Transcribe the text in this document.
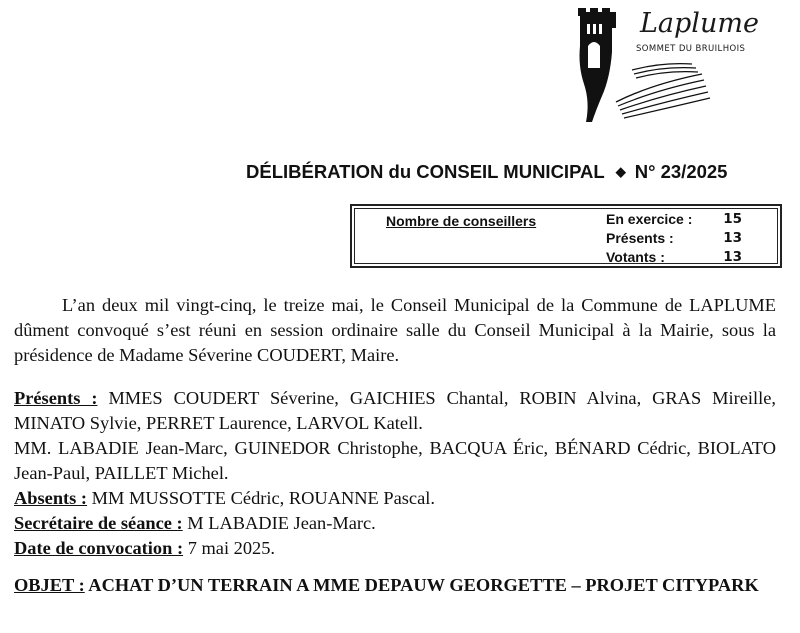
Laplume
SOMMET DU BRUILHOIS
DÉLIBÉRATION du CONSEIL MUNICIPAL ◆ N° 23/2025
Nombre de conseillers	En exercice : 15
Présents :	13
Votants :	13
L’an deux mil vingt-cinq, le treize mai, le Conseil Municipal de la Commune de LAPLUME dûment convoqué s’est réuni en session ordinaire salle du Conseil Municipal à la Mairie, sous la présidence de Madame Séverine COUDERT, Maire.

Présents : MMES COUDERT Séverine, GAICHIES Chantal, ROBIN Alvina, GRAS Mireille, MINATO Sylvie, PERRET Laurence, LARVOL Katell.

MM. LABADIE Jean-Marc, GUINEDOR Christophe, BACQUA Éric, BÉNARD Cédric, BIOLATO Jean-Paul, PAILLET Michel.

Absents : MM MUSSOTTE Cédric, ROUANNE Pascal.

Secrétaire de séance : M LABADIE Jean-Marc.

Date de convocation : 7 mai 2025.

OBJET : ACHAT D’UN TERRAIN A MME DEPAUW GEORGETTE – PROJET CITYPARK
